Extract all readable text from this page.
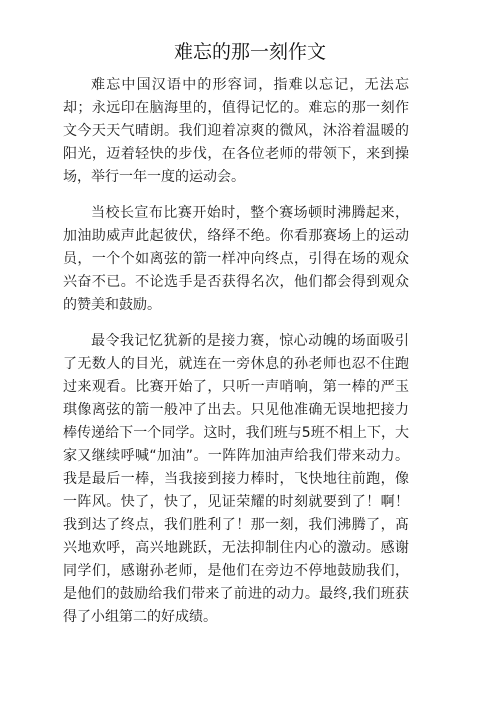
难忘的那一刻作文

难忘中国汉语中的形容词，指难以忘记，无法忘却；永远印在脑海里的，值得记忆的。难忘的那一刻作文今天天气晴朗。我们迎着凉爽的微风，沐浴着温暖的阳光，迈着轻快的步伐，在各位老师的带领下，来到操场，举行一年一度的运动会。

当校长宣布比赛开始时，整个赛场顿时沸腾起来，加油助威声此起彼伏，络绎不绝。你看那赛场上的运动员，一个个如离弦的箭一样冲向终点，引得在场的观众兴奋不已。不论选手是否获得名次，他们都会得到观众的赞美和鼓励。

最令我记忆犹新的是接力赛，惊心动魄的场面吸引了无数人的目光，就连在一旁休息的孙老师也忍不住跑过来观看。比赛开始了，只听一声哨响，第一棒的严玉琪像离弦的箭一般冲了出去。只见他准确无误地把接力棒传递给下一个同学。这时，我们班与5班不相上下，大家又继续呼喊“加油”。一阵阵加油声给我们带来动力。我是最后一棒，当我接到接力棒时，飞快地往前跑，像一阵风。快了，快了，见证荣耀的时刻就要到了！啊！我到达了终点，我们胜利了！那一刻，我们沸腾了，髙兴地欢呼，高兴地跳跃，无法抑制住内心的激动。感谢同学们，感谢孙老师，是他们在旁边不停地鼓励我们，是他们的鼓励给我们带来了前进的动力。最终,我们班获得了小组第二的好成绩。
